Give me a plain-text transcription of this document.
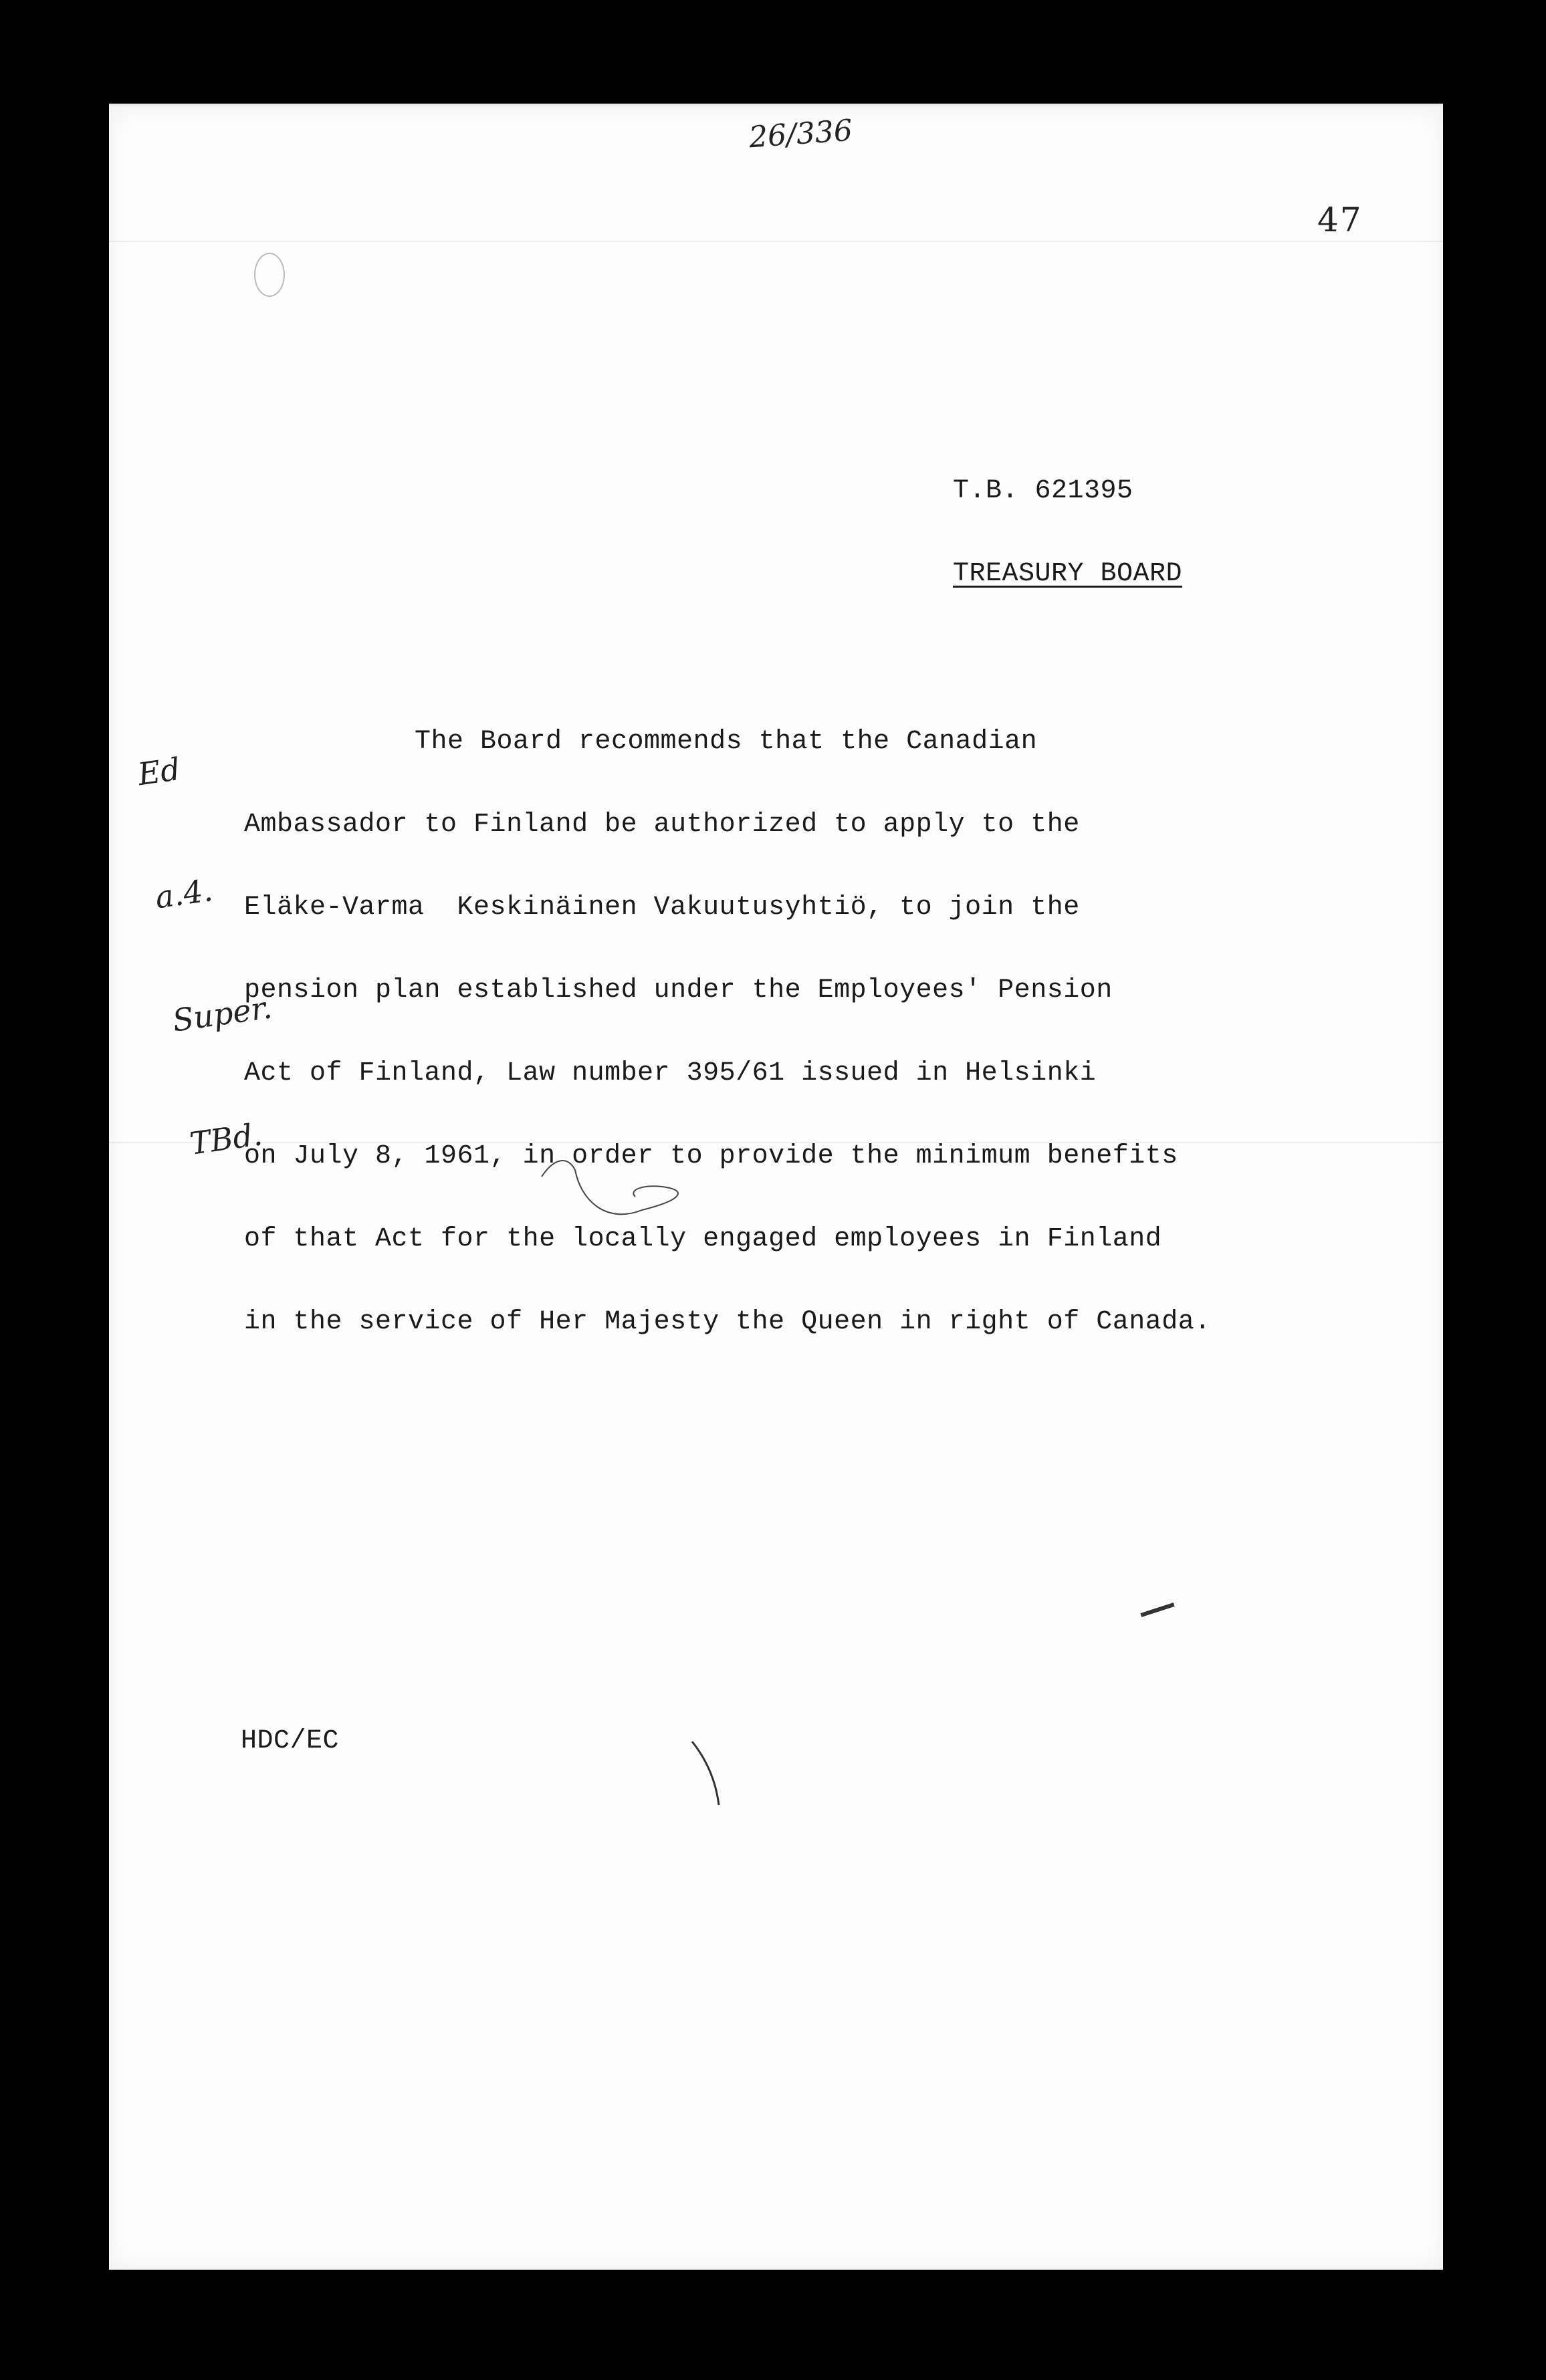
26/336
47
T.B. 621395
TREASURY BOARD

Ed

a.4.

Super.

TBd.

The Board recommends that the Canadian
Ambassador to Finland be authorized to apply to the
Eläke-Varma  Keskinäinen Vakuutusyhtiö, to join the
pension plan established under the Employees' Pension
Act of Finland, Law number 395/61 issued in Helsinki
on July 8, 1961, in order to provide the minimum benefits
of that Act for the locally engaged employees in Finland
in the service of Her Majesty the Queen in right of Canada.
HDC/EC
